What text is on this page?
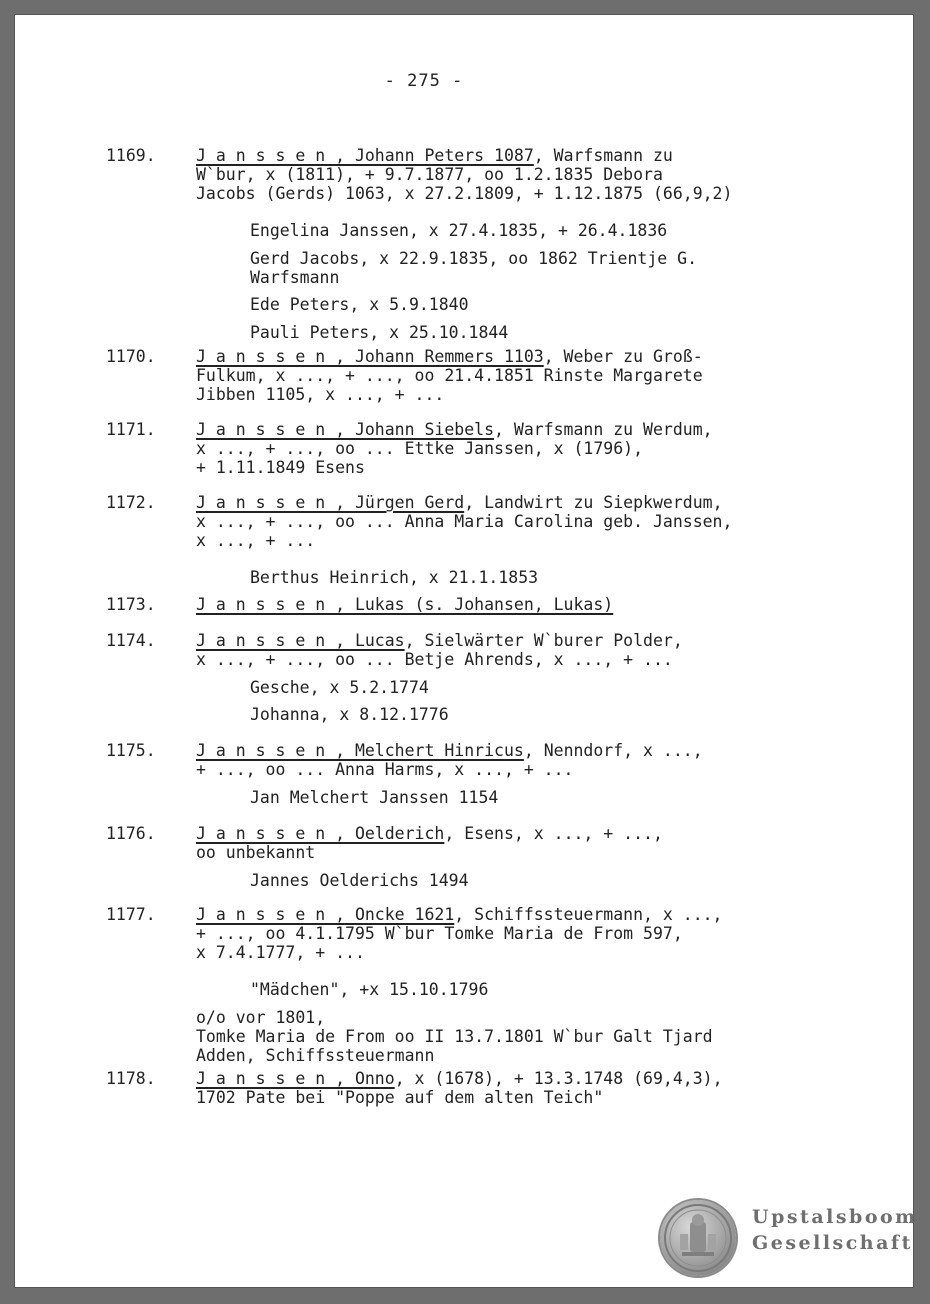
- 275 -
1169. J a n s s e n , Johann Peters 1087, Warfsmann zu
W`bur, x (1811), + 9.7.1877, oo 1.2.1835 Debora
Jacobs (Gerds) 1063, x 27.2.1809, + 1.12.1875 (66,9,2)
Engelina Janssen, x 27.4.1835, + 26.4.1836
Gerd Jacobs, x 22.9.1835, oo 1862 Trientje G.
Warfsmann
Ede Peters, x 5.9.1840
Pauli Peters, x 25.10.1844
1170. J a n s s e n , Johann Remmers 1103, Weber zu Groß-
Fulkum, x ..., + ..., oo 21.4.1851 Rinste Margarete
Jibben 1105, x ..., + ...
1171. J a n s s e n , Johann Siebels, Warfsmann zu Werdum,
x ..., + ..., oo ... Ettke Janssen, x (1796),
+ 1.11.1849 Esens
1172. J a n s s e n , Jürgen Gerd, Landwirt zu Siepkwerdum,
x ..., + ..., oo ... Anna Maria Carolina geb. Janssen,
x ..., + ...
Berthus Heinrich, x 21.1.1853
1173. J a n s s e n , Lukas (s. Johansen, Lukas)
1174. J a n s s e n , Lucas, Sielwärter W`burer Polder,
x ..., + ..., oo ... Betje Ahrends, x ..., + ...
Gesche, x 5.2.1774
Johanna, x 8.12.1776
1175. J a n s s e n , Melchert Hinricus, Nenndorf, x ...,
+ ..., oo ... Anna Harms, x ..., + ...
Jan Melchert Janssen 1154
1176. J a n s s e n , Oelderich, Esens, x ..., + ...,
oo unbekannt
Jannes Oelderichs 1494
1177. J a n s s e n , Oncke 1621, Schiffssteuermann, x ...,
+ ..., oo 4.1.1795 W`bur Tomke Maria de From 597,
x 7.4.1777, + ...
"Mädchen", +x 15.10.1796
o/o vor 1801,
Tomke Maria de From oo II 13.7.1801 W`bur Galt Tjard
Adden, Schiffssteuermann
1178. J a n s s e n , Onno, x (1678), + 13.3.1748 (69,4,3),
1702 Pate bei "Poppe auf dem alten Teich"
Upstalsboom
Gesellschaft
